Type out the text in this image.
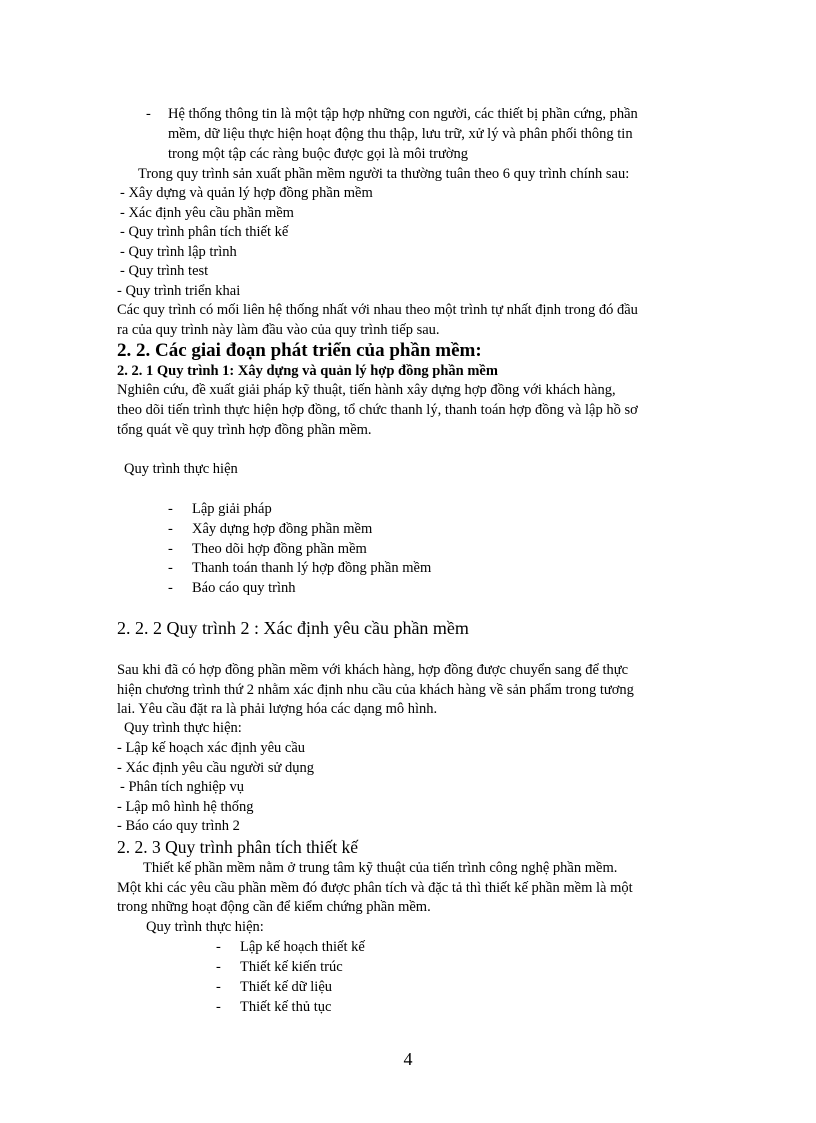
- Hệ thống thông tin là một tập hợp những con người, các thiết bị phần cứng, phần

mềm, dữ liệu thực hiện hoạt động thu thập, lưu trữ, xử lý và phân phối thông tin

trong một tập các ràng buộc được gọi là môi trường

Trong quy trình sản xuất phần mềm người ta thường tuân theo 6 quy trình chính sau:

- Xây dựng và quản lý hợp đồng phần mềm

- Xác định yêu cầu phần mềm

- Quy trình phân tích thiết kế

- Quy trình lập trình

- Quy trình test

- Quy trình triển khai

Các quy trình có mối liên hệ thống nhất với nhau theo một trình tự nhất định trong đó đầu

ra của quy trình này làm đầu vào của quy trình tiếp sau.

2. 2. Các giai đoạn phát triển của phần mềm:
2. 2. 1 Quy trình 1: Xây dựng và quản lý hợp đồng phần mềm

Nghiên cứu, đề xuất giải pháp kỹ thuật, tiến hành xây dựng hợp đồng với khách hàng,

theo dõi tiến trình thực hiện hợp đồng, tổ chức thanh lý, thanh toán hợp đồng và lập hồ sơ

tổng quát về quy trình hợp đồng phần mềm.

Quy trình thực hiện

- Lập giải pháp

- Xây dựng hợp đồng phần mềm

- Theo dõi hợp đồng phần mềm

- Thanh toán thanh lý hợp đồng phần mềm

- Báo cáo quy trình

2. 2. 2 Quy trình 2 : Xác định yêu cầu phần mềm

Sau khi đã có hợp đồng phần mềm với khách hàng, hợp đồng được chuyển sang để thực

hiện chương trình thứ 2 nhằm xác định nhu cầu của khách hàng về sản phẩm trong tương

lai. Yêu cầu đặt ra là phải lượng hóa các dạng mô hình.

Quy trình thực hiện:

- Lập kế hoạch xác định yêu cầu

- Xác định yêu cầu người sử dụng

- Phân tích nghiệp vụ

- Lập mô hình hệ thống

- Báo cáo quy trình 2

2. 2. 3 Quy trình phân tích thiết kế

Thiết kế phần mềm nằm ở trung tâm kỹ thuật của tiến trình công nghệ phần mềm.

Một khi các yêu cầu phần mềm đó được phân tích và đặc tả thì thiết kế phần mềm là một

trong những hoạt động cần để kiểm chứng phần mềm.

Quy trình thực hiện:

- Lập kế hoạch thiết kế

- Thiết kế kiến trúc

- Thiết kế dữ liệu

- Thiết kế thủ tục

4
